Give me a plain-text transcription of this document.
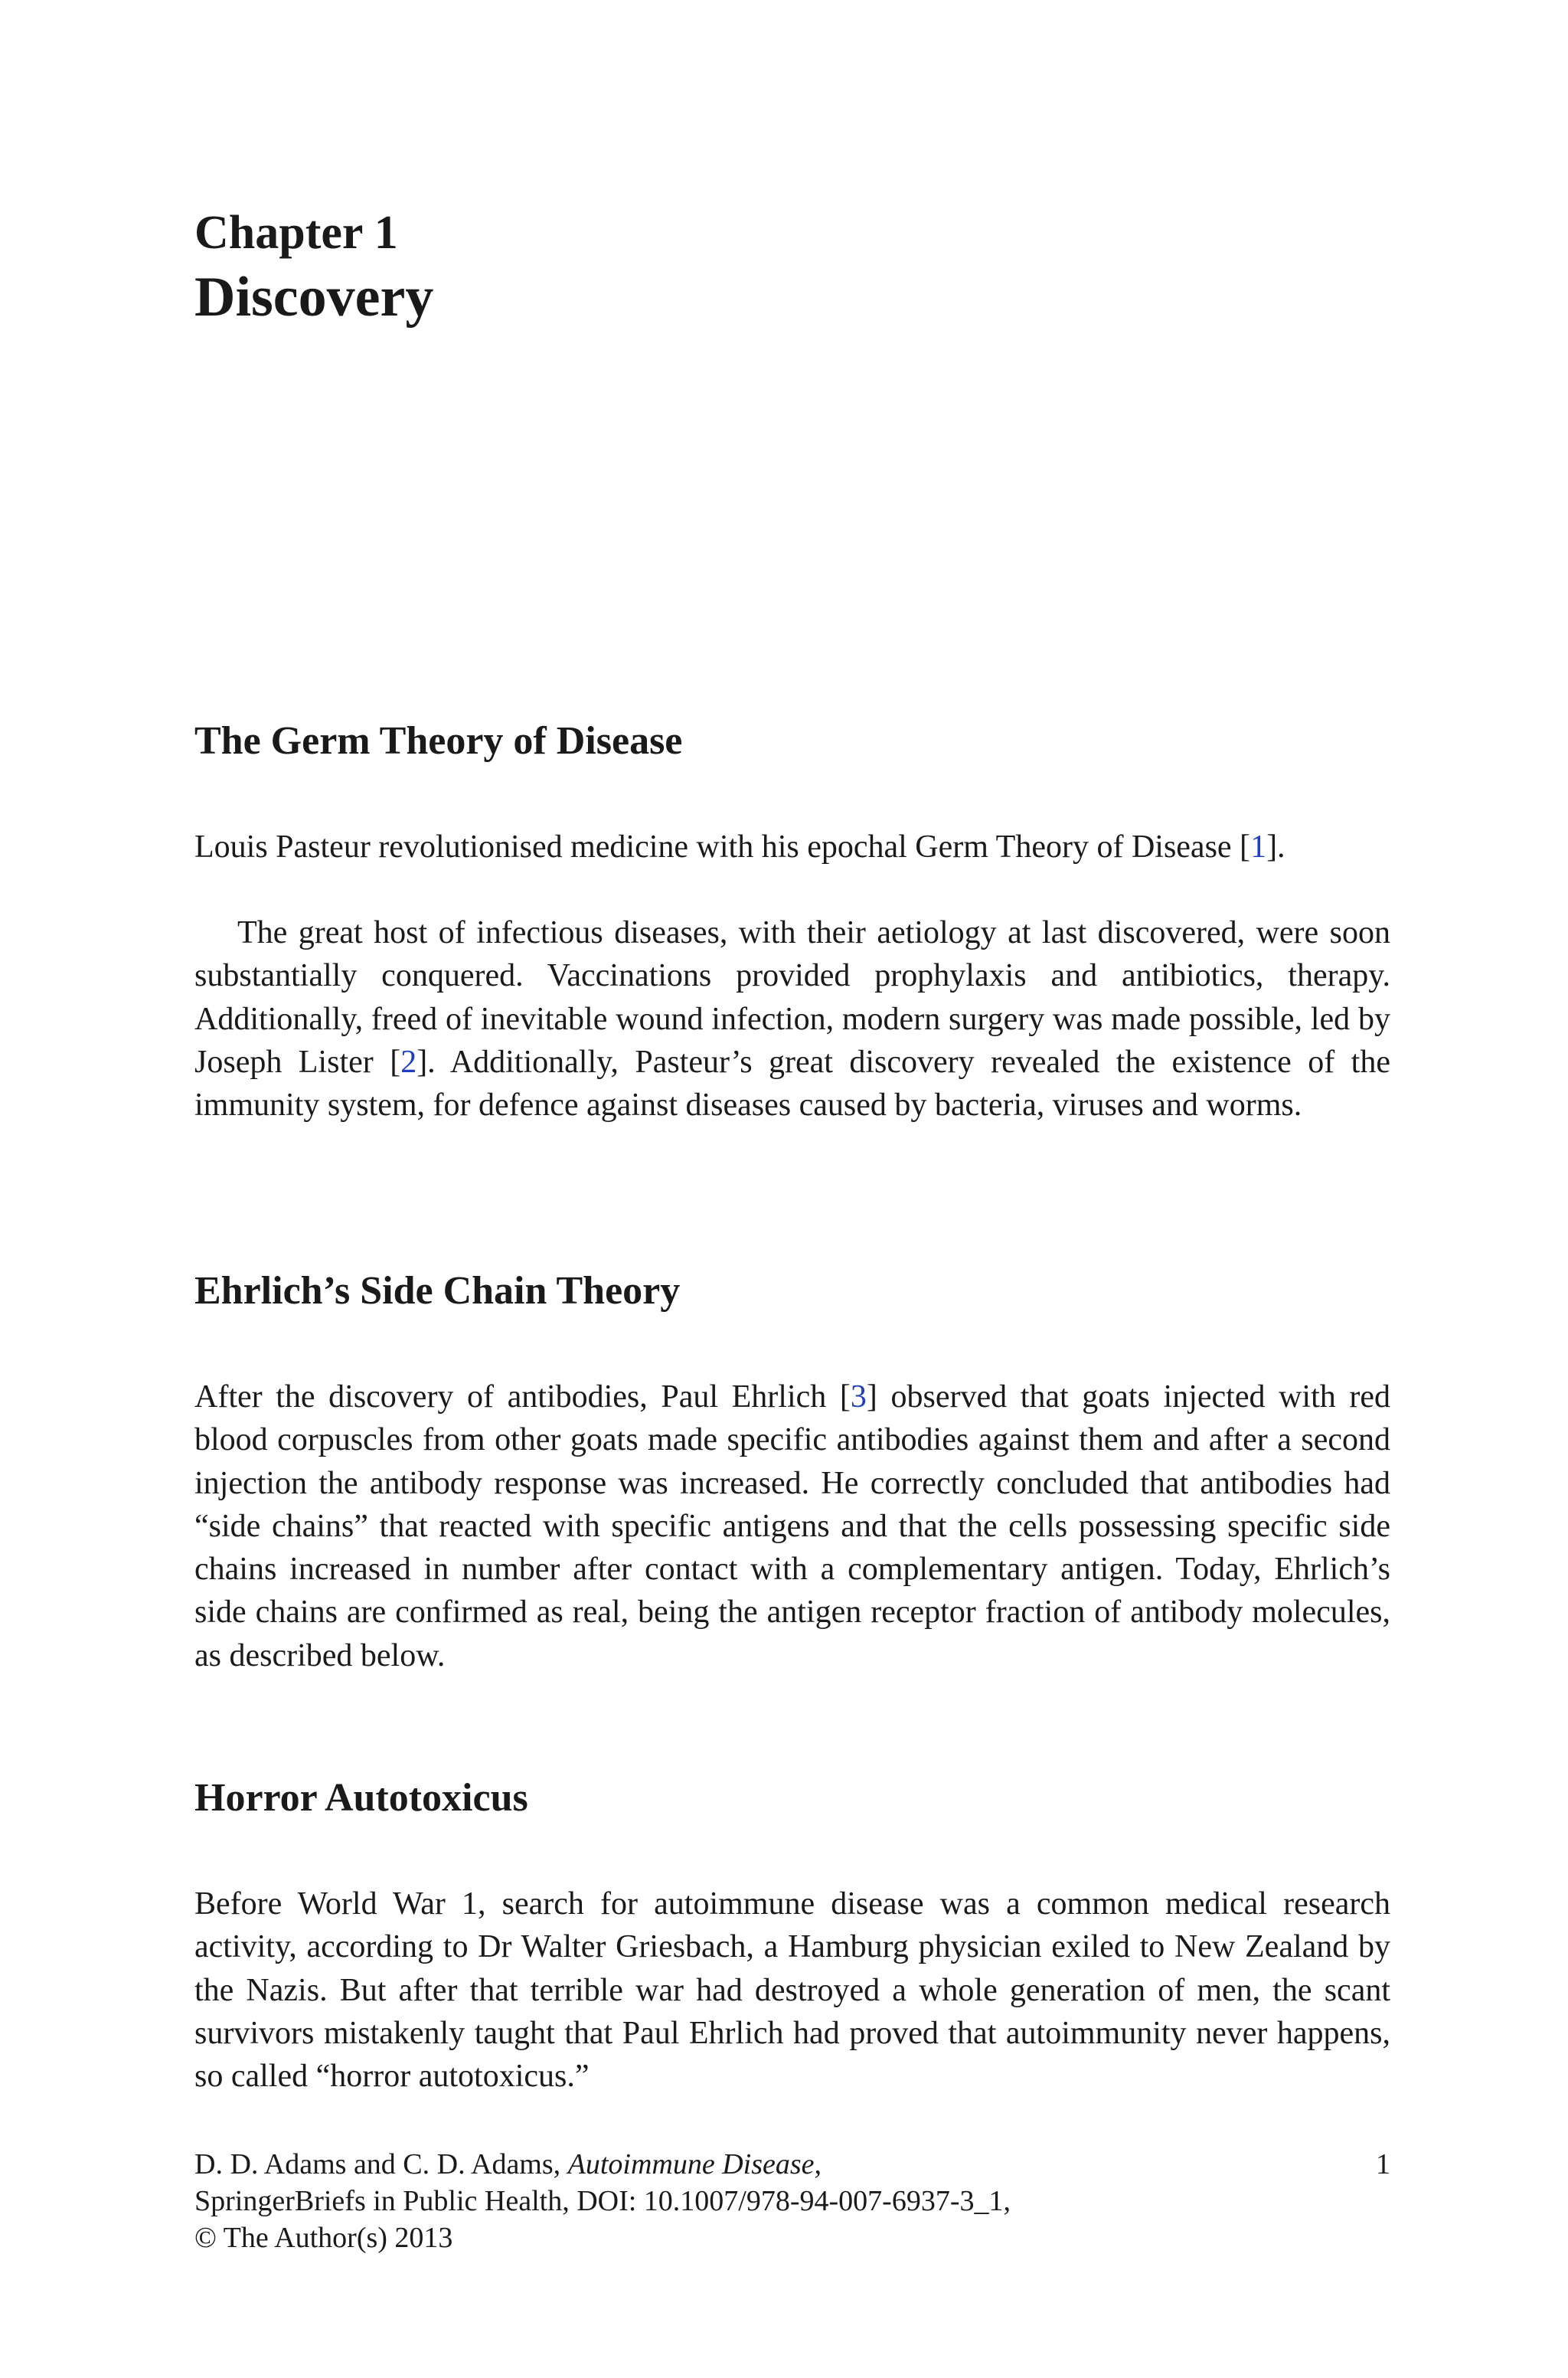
Chapter 1
Discovery
The Germ Theory of Disease

Louis Pasteur revolutionised medicine with his epochal Germ Theory of Disease [1].

The great host of infectious diseases, with their aetiology at last discovered, were soon substantially conquered. Vaccinations provided prophylaxis and antibiotics, therapy. Additionally, freed of inevitable wound infection, modern surgery was made possible, led by Joseph Lister [2]. Additionally, Pasteur’s great discovery revealed the existence of the immunity system, for defence against diseases caused by bacteria, viruses and worms.

Ehrlich’s Side Chain Theory

After the discovery of antibodies, Paul Ehrlich [3] observed that goats injected with red blood corpuscles from other goats made specific antibodies against them and after a second injection the antibody response was increased. He correctly concluded that antibodies had “side chains” that reacted with specific antigens and that the cells possessing specific side chains increased in number after contact with a complementary antigen. Today, Ehrlich’s side chains are confirmed as real, being the antigen receptor fraction of antibody molecules, as described below.

Horror Autotoxicus

Before World War 1, search for autoimmune disease was a common medical research activity, according to Dr Walter Griesbach, a Hamburg physician exiled to New Zealand by the Nazis. But after that terrible war had destroyed a whole generation of men, the scant survivors mistakenly taught that Paul Ehrlich had proved that autoimmunity never happens, so called “horror autotoxicus.”

D. D. Adams and C. D. Adams, Autoimmune Disease,
SpringerBriefs in Public Health, DOI: 10.1007/978-94-007-6937-3_1,
© The Author(s) 2013
1
